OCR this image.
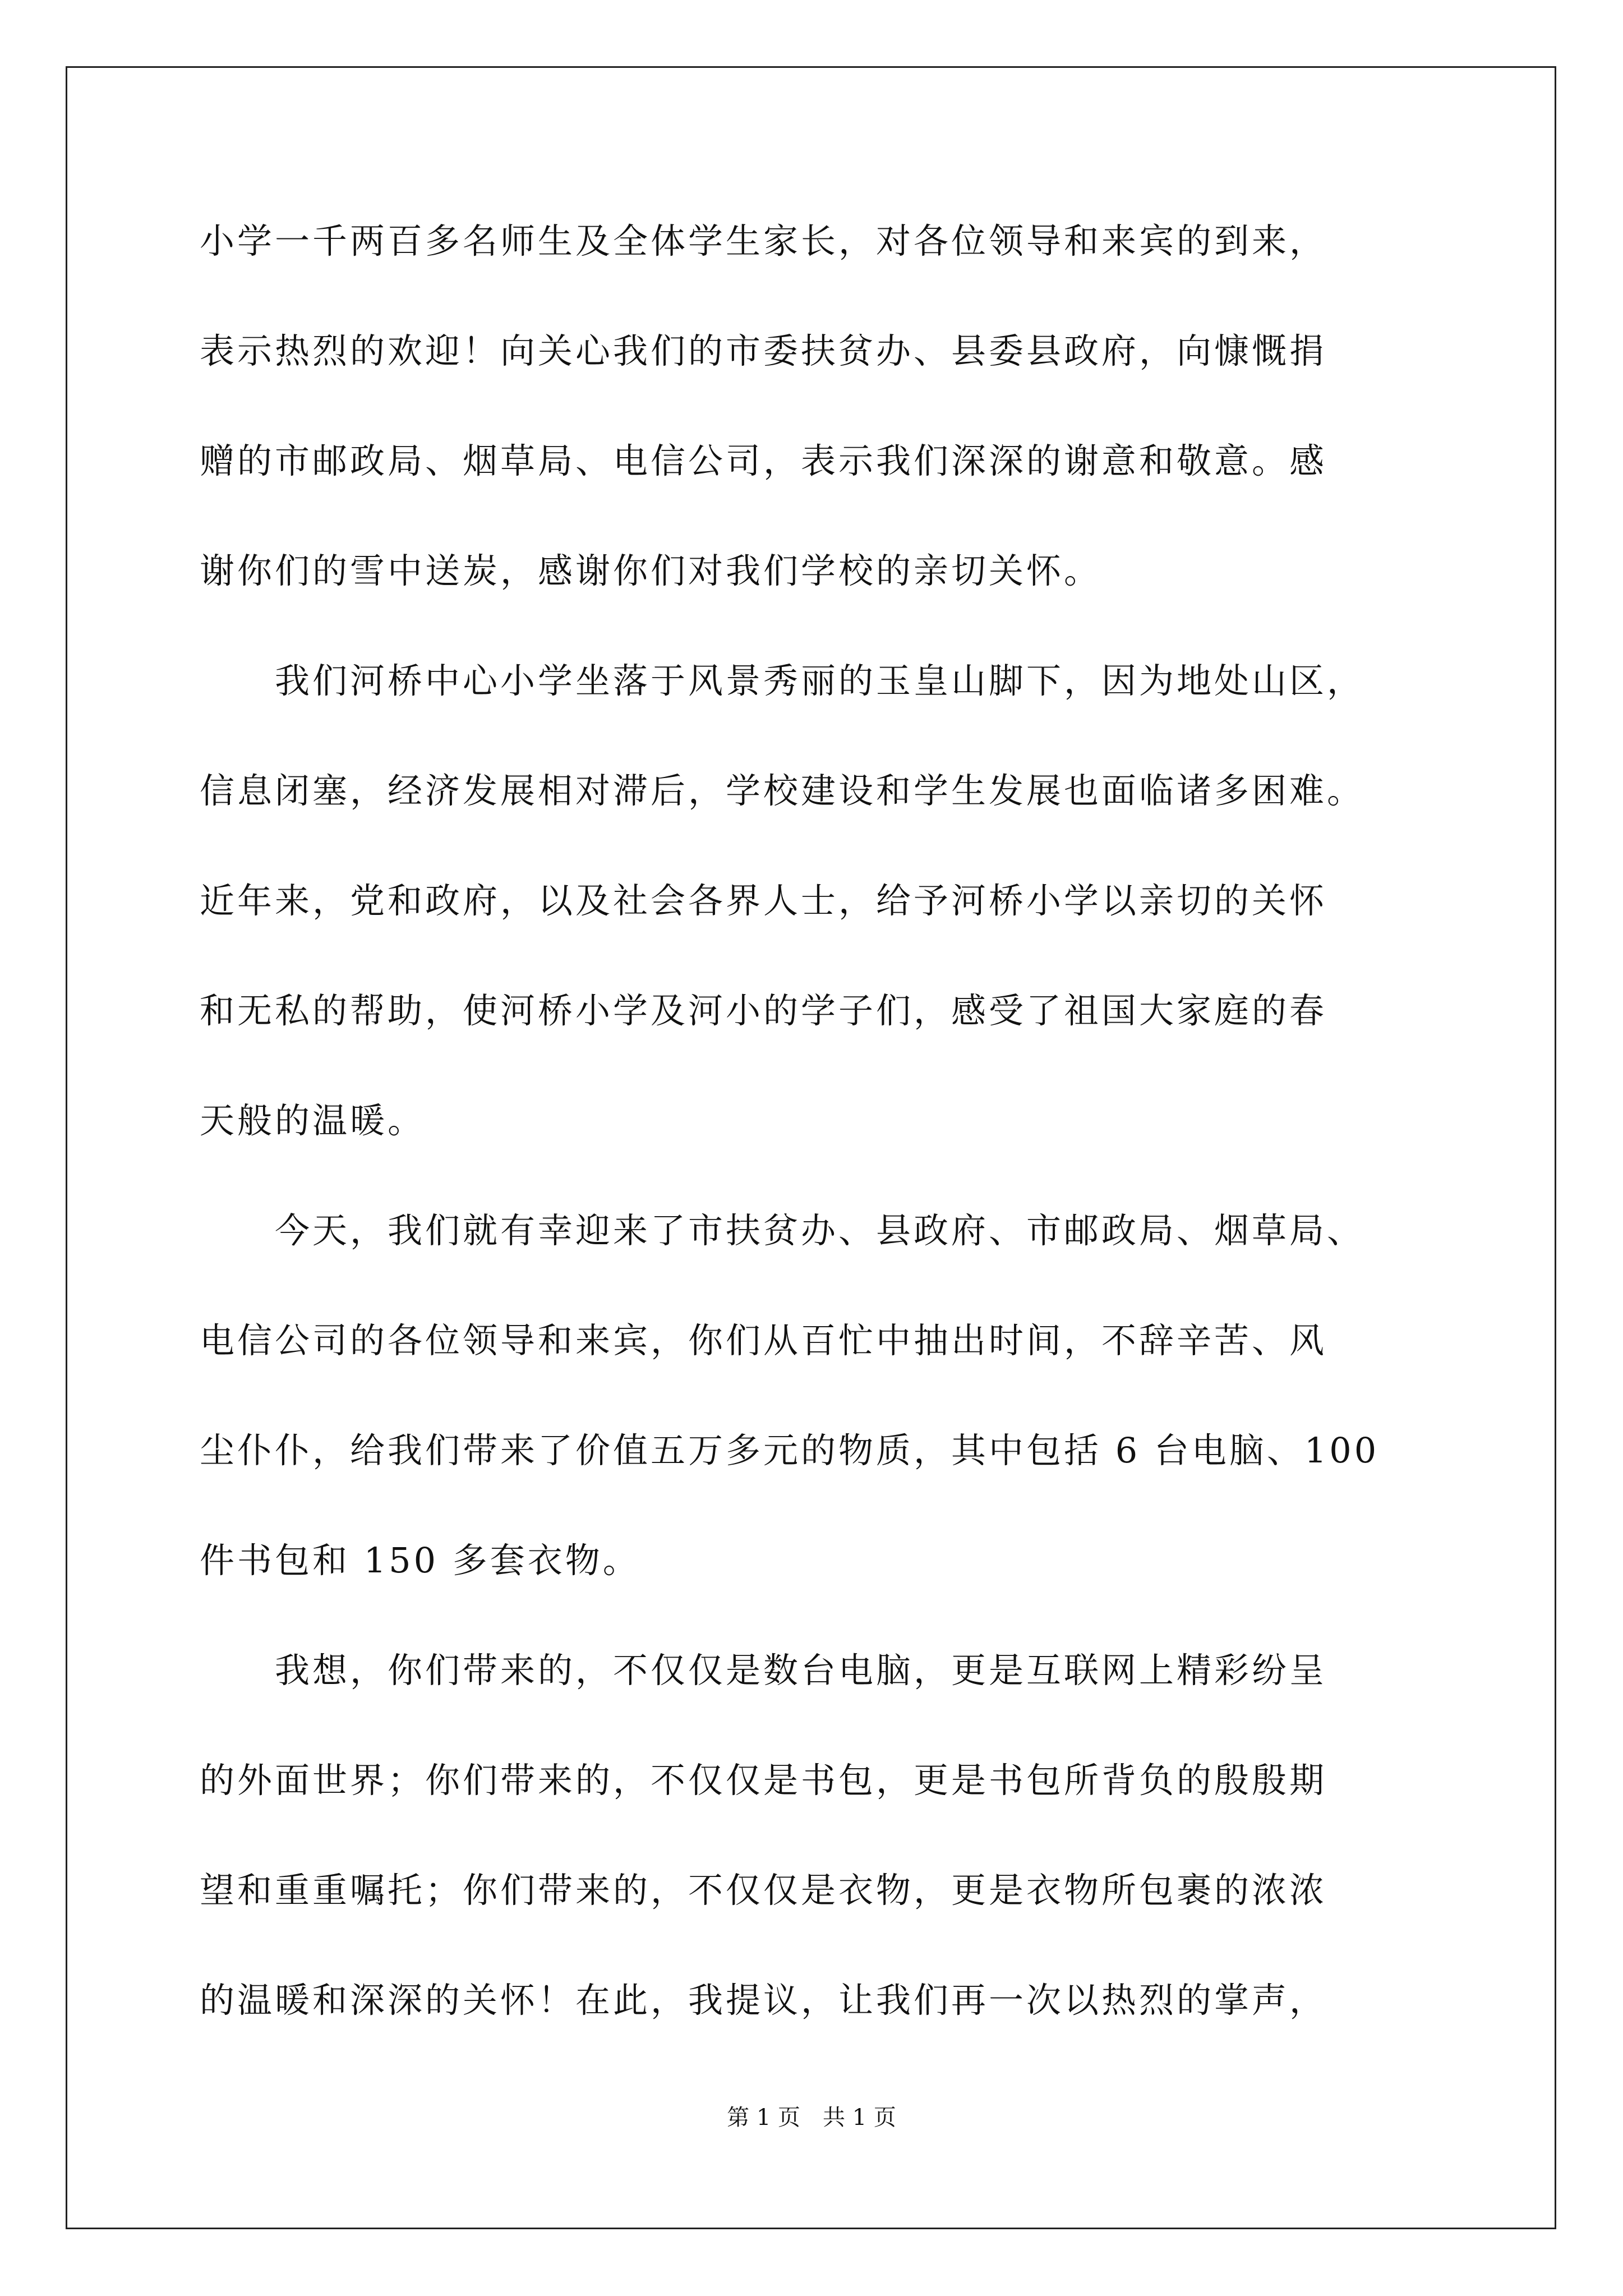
小学一千两百多名师生及全体学生家长，对各位领导和来宾的到来，
表示热烈的欢迎！向关心我们的市委扶贫办、县委县政府，向慷慨捐
赠的市邮政局、烟草局、电信公司，表示我们深深的谢意和敬意。感
谢你们的雪中送炭，感谢你们对我们学校的亲切关怀。
　　我们河桥中心小学坐落于风景秀丽的玉皇山脚下，因为地处山区，
信息闭塞，经济发展相对滞后，学校建设和学生发展也面临诸多困难。
近年来，党和政府，以及社会各界人士，给予河桥小学以亲切的关怀
和无私的帮助，使河桥小学及河小的学子们，感受了祖国大家庭的春
天般的温暖。
　　今天，我们就有幸迎来了市扶贫办、县政府、市邮政局、烟草局、
电信公司的各位领导和来宾，你们从百忙中抽出时间，不辞辛苦、风
尘仆仆，给我们带来了价值五万多元的物质，其中包括 6 台电脑、100
件书包和 150 多套衣物。
　　我想，你们带来的，不仅仅是数台电脑，更是互联网上精彩纷呈
的外面世界；你们带来的，不仅仅是书包，更是书包所背负的殷殷期
望和重重嘱托；你们带来的，不仅仅是衣物，更是衣物所包裹的浓浓
的温暖和深深的关怀！在此，我提议，让我们再一次以热烈的掌声，
第 1 页　共 1 页
